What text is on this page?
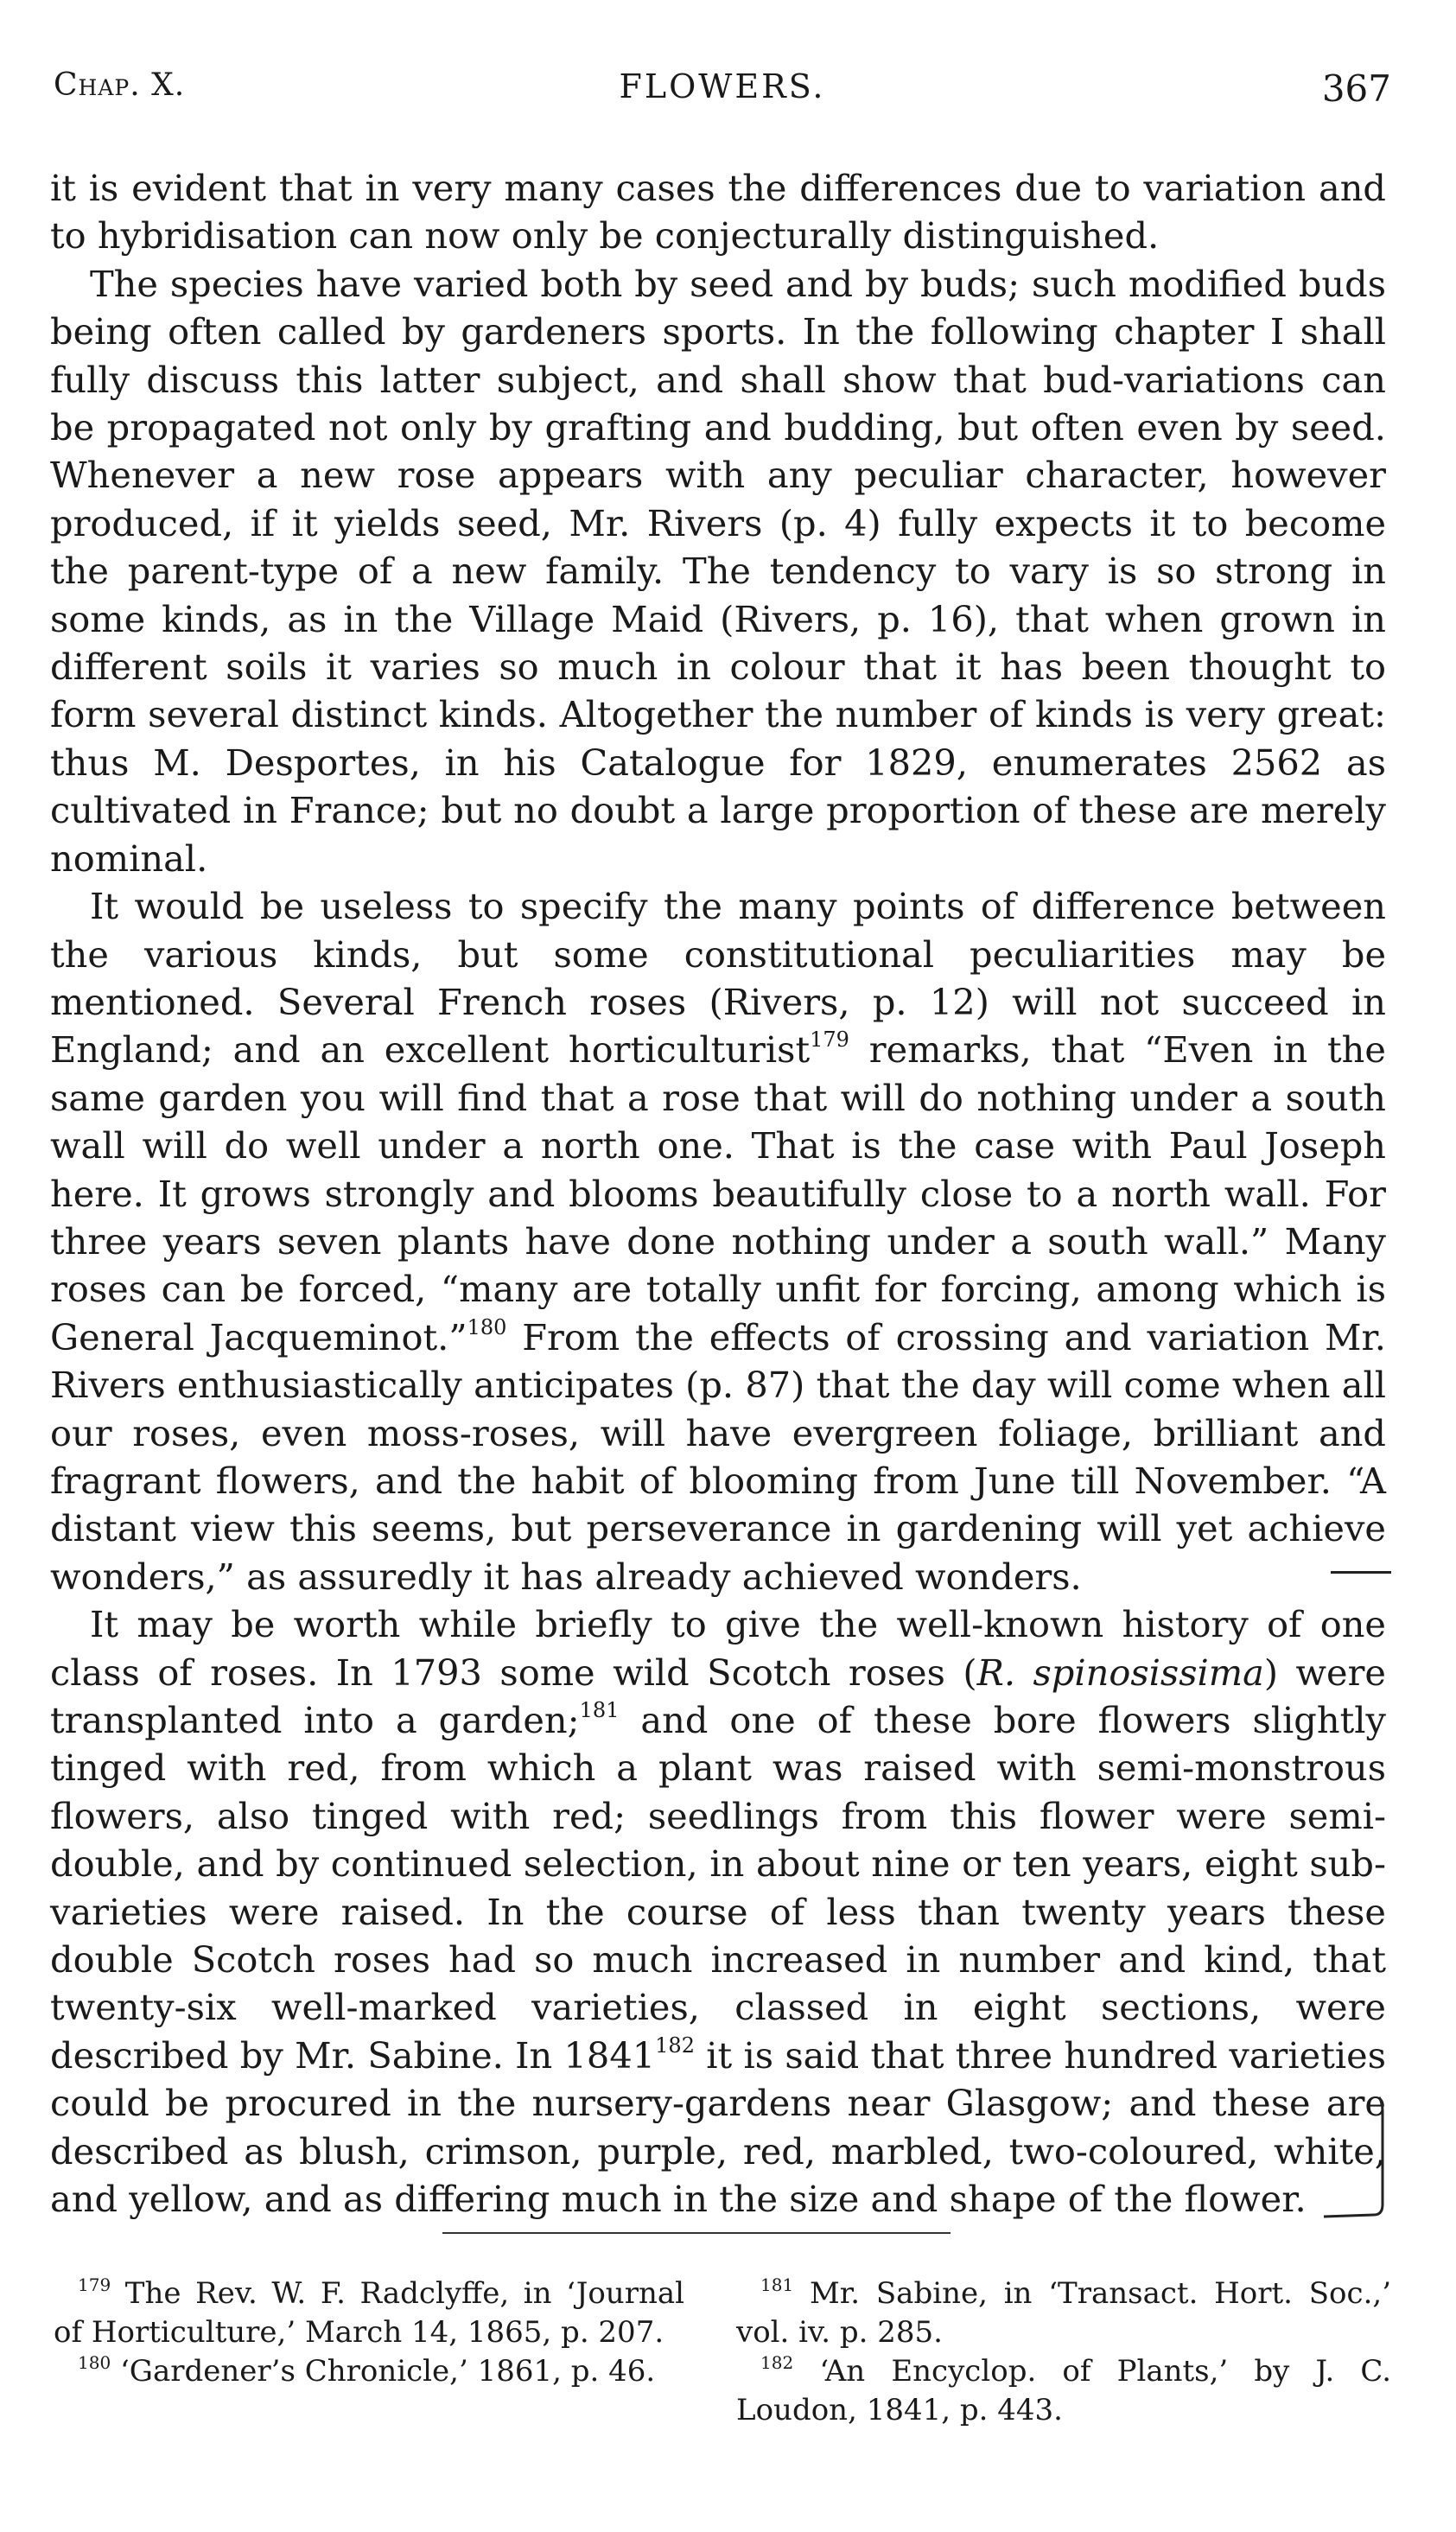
Chap. X.	FLOWERS.	367

it is evident that in very many cases the differences due to variation and to hybridisation can now only be conjecturally distinguished.

The species have varied both by seed and by buds; such modified buds being often called by gardeners sports. In the following chapter I shall fully discuss this latter subject, and shall show that bud-variations can be propagated not only by grafting and budding, but often even by seed. Whenever a new rose appears with any peculiar character, however produced, if it yields seed, Mr. Rivers (p. 4) fully expects it to become the parent-type of a new family. The tendency to vary is so strong in some kinds, as in the Village Maid (Rivers, p. 16), that when grown in different soils it varies so much in colour that it has been thought to form several distinct kinds. Altogether the number of kinds is very great: thus M. Desportes, in his Catalogue for 1829, enumerates 2562 as cultivated in France; but no doubt a large proportion of these are merely nominal.

It would be useless to specify the many points of difference between the various kinds, but some constitutional peculiarities may be mentioned. Several French roses (Rivers, p. 12) will not succeed in England; and an excellent horticulturist$^{179}$ remarks, that “Even in the same garden you will find that a rose that will do nothing under a south wall will do well under a north one. That is the case with Paul Joseph here. It grows strongly and blooms beautifully close to a north wall. For three years seven plants have done nothing under a south wall.” Many roses can be forced, “many are totally unfit for forcing, among which is General Jacqueminot.”$^{180}$ From the effects of crossing and variation Mr. Rivers enthusiastically anticipates (p. 87) that the day will come when all our roses, even moss-roses, will have evergreen foliage, brilliant and fragrant flowers, and the habit of blooming from June till November. “A distant view this seems, but perseverance in gardening will yet achieve wonders,” as assuredly it has already achieved wonders.

It may be worth while briefly to give the well-known history of one class of roses. In 1793 some wild Scotch roses (R. spinosissima) were transplanted into a garden;$^{181}$ and one of these bore flowers slightly tinged with red, from which a plant was raised with semi-monstrous flowers, also tinged with red; seedlings from this flower were semi-double, and by continued selection, in about nine or ten years, eight sub-varieties were raised. In the course of less than twenty years these double Scotch roses had so much increased in number and kind, that twenty-six well-marked varieties, classed in eight sections, were described by Mr. Sabine. In 1841$^{182}$ it is said that three hundred varieties could be procured in the nursery-gardens near Glasgow; and these are described as blush, crimson, purple, red, marbled, two-coloured, white, and yellow, and as differing much in the size and shape of the flower.

$^{179}$ The Rev. W. F. Radclyffe, in ‘Journal of Horticulture,’ March 14, 1865, p. 207.

$^{180}$ ‘Gardener’s Chronicle,’ 1861, p. 46.

$^{181}$ Mr. Sabine, in ‘Transact. Hort. Soc.,’ vol. iv. p. 285.

$^{182}$ ‘An Encyclop. of Plants,’ by J. C. Loudon, 1841, p. 443.
